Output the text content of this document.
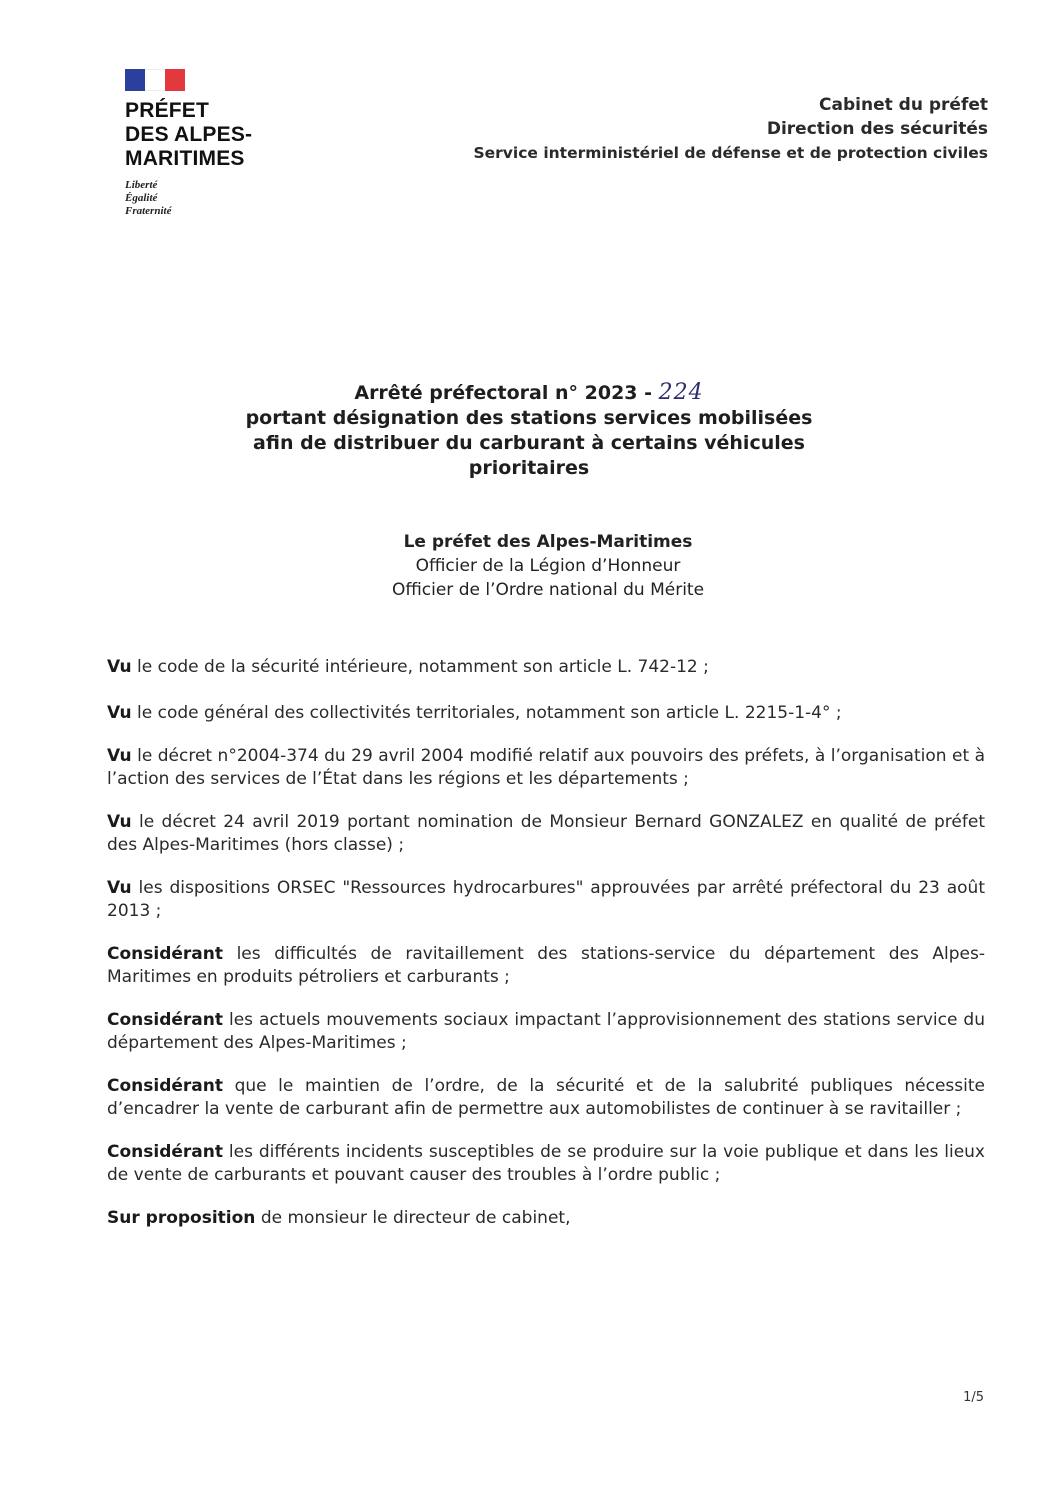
PRÉFET
DES ALPES-
MARITIMES
Liberté
Égalité
Fraternité
Cabinet du préfet
Direction des sécurités
Service interministériel de défense et de protection civiles
Arrêté préfectoral n° 2023 - 224
portant désignation des stations services mobilisées
afin de distribuer du carburant à certains véhicules
prioritaires
Le préfet des Alpes-Maritimes
Officier de la Légion d’Honneur
Officier de l’Ordre national du Mérite

Vu le code de la sécurité intérieure, notamment son article L. 742-12 ;

Vu le code général des collectivités territoriales, notamment son article L. 2215-1-4° ;

Vu le décret n°2004-374 du 29 avril 2004 modifié relatif aux pouvoirs des préfets, à l’organisation et à l’action des services de l’État dans les régions et les départements ;

Vu le décret 24 avril 2019 portant nomination de Monsieur Bernard GONZALEZ en qualité de préfet des Alpes-Maritimes (hors classe) ;

Vu les dispositions ORSEC "Ressources hydrocarbures" approuvées par arrêté préfectoral du 23 août 2013 ;

Considérant les difficultés de ravitaillement des stations-service du département des Alpes-Maritimes en produits pétroliers et carburants ;

Considérant les actuels mouvements sociaux impactant l’approvisionnement des stations service du département des Alpes-Maritimes ;

Considérant que le maintien de l’ordre, de la sécurité et de la salubrité publiques nécessite d’encadrer la vente de carburant afin de permettre aux automobilistes de continuer à se ravitailler ;

Considérant les différents incidents susceptibles de se produire sur la voie publique et dans les lieux de vente de carburants et pouvant causer des troubles à l’ordre public ;

Sur proposition de monsieur le directeur de cabinet,

1/5
